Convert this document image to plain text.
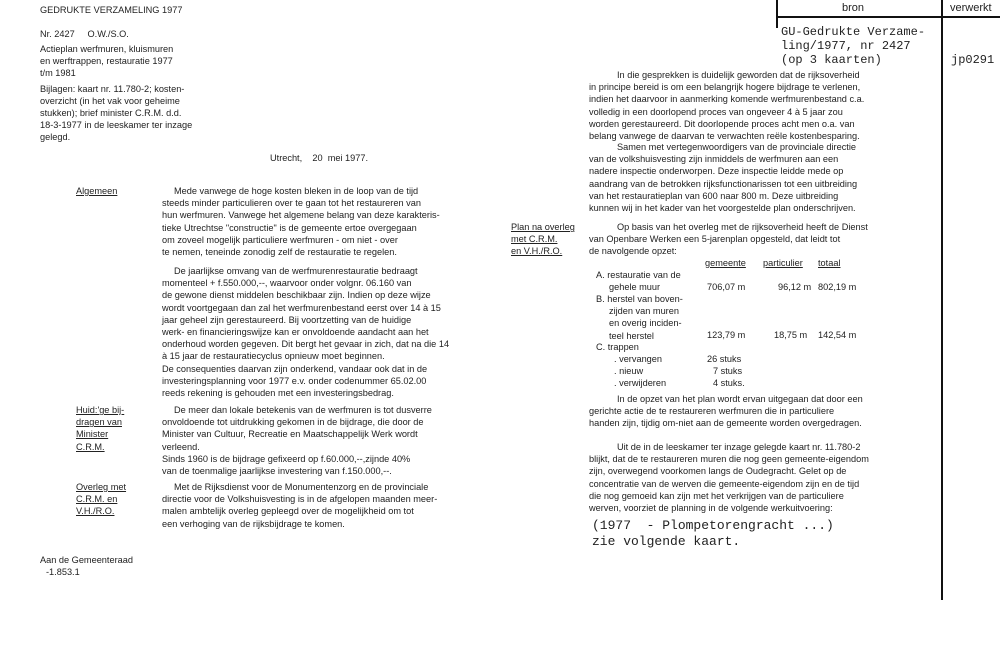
bron	verwerkt
GU-Gedrukte Verzame-
ling/1977, nr 2427
(op 3 kaarten)	jp0291
GEDRUKTE VERZAMELING 1977
Nr. 2427     O.W./S.O.
Actieplan werfmuren, kluismuren
en werftrappen, restauratie 1977
t/m 1981
Bijlagen: kaart nr. 11.780-2; kosten-
overzicht (in het vak voor geheime
stukken); brief minister C.R.M. d.d.
18-3-1977 in de leeskamer ter inzage
gelegd.
Utrecht,    20  mei 1977.
Algemeen	Mede vanwege de hoge kosten bleken in de loop van de tijd
steeds minder particulieren over te gaan tot het restaureren van
hun werfmuren. Vanwege het algemene belang van deze karakteris-
tieke Utrechtse "constructie" is de gemeente ertoe overgegaan
om zoveel mogelijk particuliere werfmuren - om niet - over
te nemen, teneinde zonodig zelf de restauratie te regelen.
De jaarlijkse omvang van de werfmurenrestauratie bedraagt
momenteel + f.550.000,--, waarvoor onder volgnr. 06.160 van
de gewone dienst middelen beschikbaar zijn. Indien op deze wijze
wordt voortgegaan dan zal het werfmurenbestand eerst over 14 à 15
jaar geheel zijn gerestaureerd. Bij voortzetting van de huidige
werk- en financieringswijze kan er onvoldoende aandacht aan het
onderhoud worden gegeven. Dit bergt het gevaar in zich, dat na die 14
à 15 jaar de restauratiecyclus opnieuw moet beginnen.
De consequenties daarvan zijn onderkend, vandaar ook dat in de
investeringsplanning voor 1977 e.v. onder codenummer 65.02.00
reeds rekening is gehouden met een investeringsbedrag.
Huid:'ge bij-
dragen van
Minister
C.R.M.
De meer dan lokale betekenis van de werfmuren is tot dusverre
onvoldoende tot uitdrukking gekomen in de bijdrage, die door de
Minister van Cultuur, Recreatie en Maatschappelijk Werk wordt
verleend.
Sinds 1960 is de bijdrage gefixeerd op f.60.000,--,zijnde 40%
van de toenmalige jaarlijkse investering van f.150.000,--.
Overleg met
C.R.M. en
V.H./R.O.
Met de Rijksdienst voor de Monumentenzorg en de provinciale
directie voor de Volkshuisvesting is in de afgelopen maanden meer-
malen ambtelijk overleg gepleegd over de mogelijkheid om tot
een verhoging van de rijksbijdrage te komen.
Aan de Gemeenteraad
-1.853.1
In die gesprekken is duidelijk geworden dat de rijksoverheid
in principe bereid is om een belangrijk hogere bijdrage te verlenen,
indien het daarvoor in aanmerking komende werfmurenbestand c.a.
volledig in een doorlopend proces van ongeveer 4 à 5 jaar zou
worden gerestaureerd. Dit doorlopende proces acht men o.a. van
belang vanwege de daarvan te verwachten reële kostenbesparing.
Samen met vertegenwoordigers van de provinciale directie
van de volkshuisvesting zijn inmiddels de werfmuren aan een
nadere inspectie onderworpen. Deze inspectie leidde mede op
aandrang van de betrokken rijksfunctionarissen tot een uitbreiding
van het restauratieplan van 600 naar 800 m. Deze uitbreiding
kunnen wij in het kader van het voorgestelde plan onderschrijven.
Plan na overleg
met C.R.M.
en V.H./R.O.
Op basis van het overleg met de rijksoverheid heeft de Dienst
van Openbare Werken een 5-jarenplan opgesteld, dat leidt tot
de navolgende opzet:
gemeente particulier totaal
A. restauratie van de
gehele muur	706,07 m	96,12 m 802,19 m
B. herstel van boven-
zijden van muren
en overig inciden-
teel herstel	123,79 m	18,75 m 142,54 m
C. trappen
. vervangen	26 stuks
. nieuw	7 stuks
. verwijderen	4 stuks.
In de opzet van het plan wordt ervan uitgegaan dat door een
gerichte actie de te restaureren werfmuren die in particuliere
handen zijn, tijdig om-niet aan de gemeente worden overgedragen.
Uit de in de leeskamer ter inzage gelegde kaart nr. 11.780-2
blijkt, dat de te restaureren muren die nog geen gemeente-eigendom
zijn, overwegend voorkomen langs de Oudegracht. Gelet op de
concentratie van de werven die gemeente-eigendom zijn en de tijd
die nog gemoeid kan zijn met het verkrijgen van de particuliere
werven, voorziet de planning in de volgende werkuitvoering:
(1977  - Plompetorengracht ...)
zie volgende kaart.
